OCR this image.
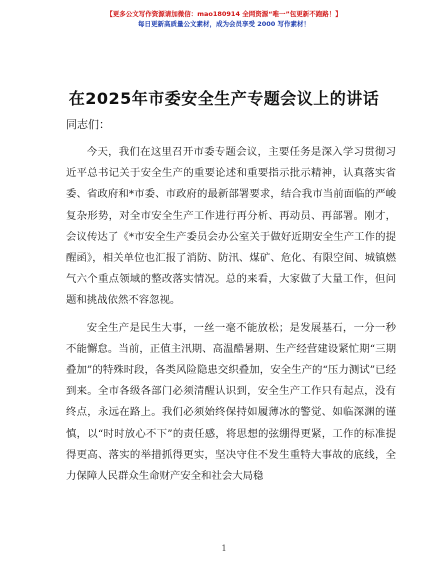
【更多公文写作资源请加微信：mao180914 全网资源“唯一”包更新不跑路！】
每日更新高质量公文素材，成为会员享受 2000 写作素材！
在2025年市委安全生产专题会议上的讲话
同志们：

今天，我们在这里召开市委专题会议，主要任务是深入学习贯彻习近平总书记关于安全生产的重要论述和重要指示批示精神，认真落实省委、省政府和*市委、市政府的最新部署要求，结合我市当前面临的严峻复杂形势，对全市安全生产工作进行再分析、再动员、再部署。刚才，会议传达了《*市安全生产委员会办公室关于做好近期安全生产工作的提醒函》，相关单位也汇报了消防、防汛、煤矿、危化、有限空间、城镇燃气六个重点领域的整改落实情况。总的来看，大家做了大量工作，但问题和挑战依然不容忽视。

安全生产是民生大事，一丝一毫不能放松；是发展基石，一分一秒不能懈怠。当前，正值主汛期、高温酷暑期、生产经营建设紧忙期“三期叠加”的特殊时段，各类风险隐患交织叠加，安全生产的“压力测试”已经到来。全市各级各部门必须清醒认识到，安全生产工作只有起点，没有终点，永远在路上。我们必须始终保持如履薄冰的警觉、如临深渊的谨慎，以“时时放心不下”的责任感，将思想的弦绷得更紧，工作的标准提得更高、落实的举措抓得更实，坚决守住不发生重特大事故的底线，全力保障人民群众生命财产安全和社会大局稳

1
